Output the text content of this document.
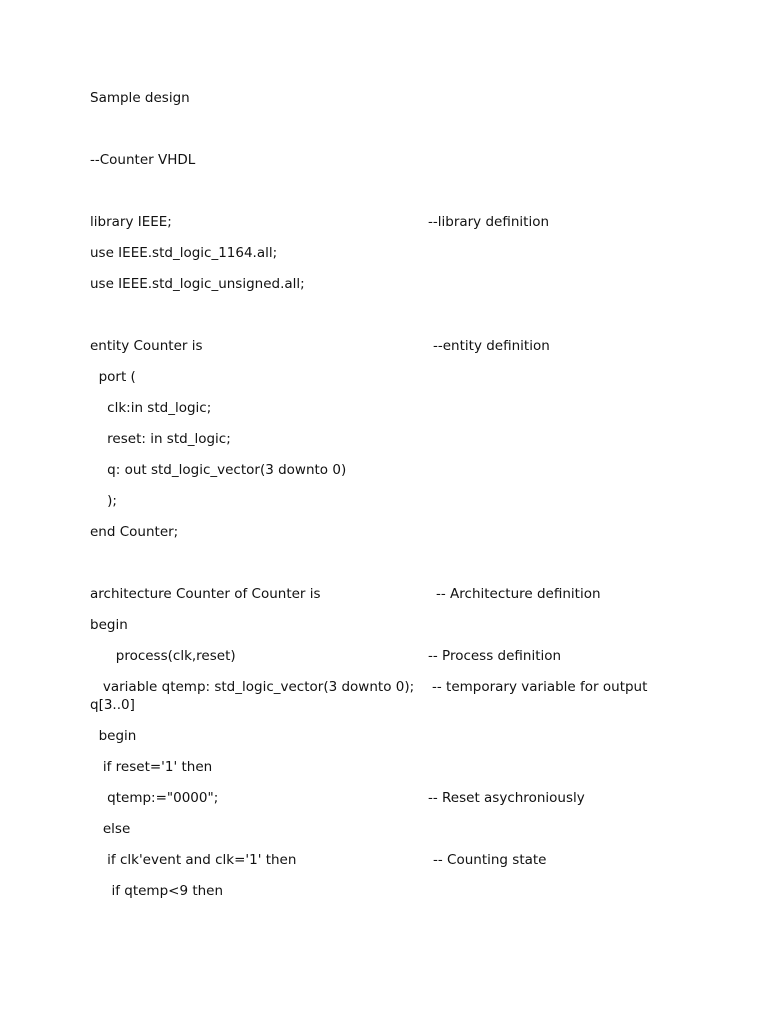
Sample design
--Counter VHDL
library IEEE;	--library definition
use IEEE.std_logic_1164.all;
use IEEE.std_logic_unsigned.all;
entity Counter is	--entity definition
port (
clk:in std_logic;
reset: in std_logic;
q: out std_logic_vector(3 downto 0)
);
end Counter;
architecture Counter of Counter is	-- Architecture definition
begin
process(clk,reset)	-- Process definition
variable qtemp: std_logic_vector(3 downto 0); -- temporary variable for output
q[3..0]
begin
if reset='1' then
qtemp:="0000";	-- Reset asychroniously
else
if clk'event and clk='1' then	-- Counting state
if qtemp<9 then
